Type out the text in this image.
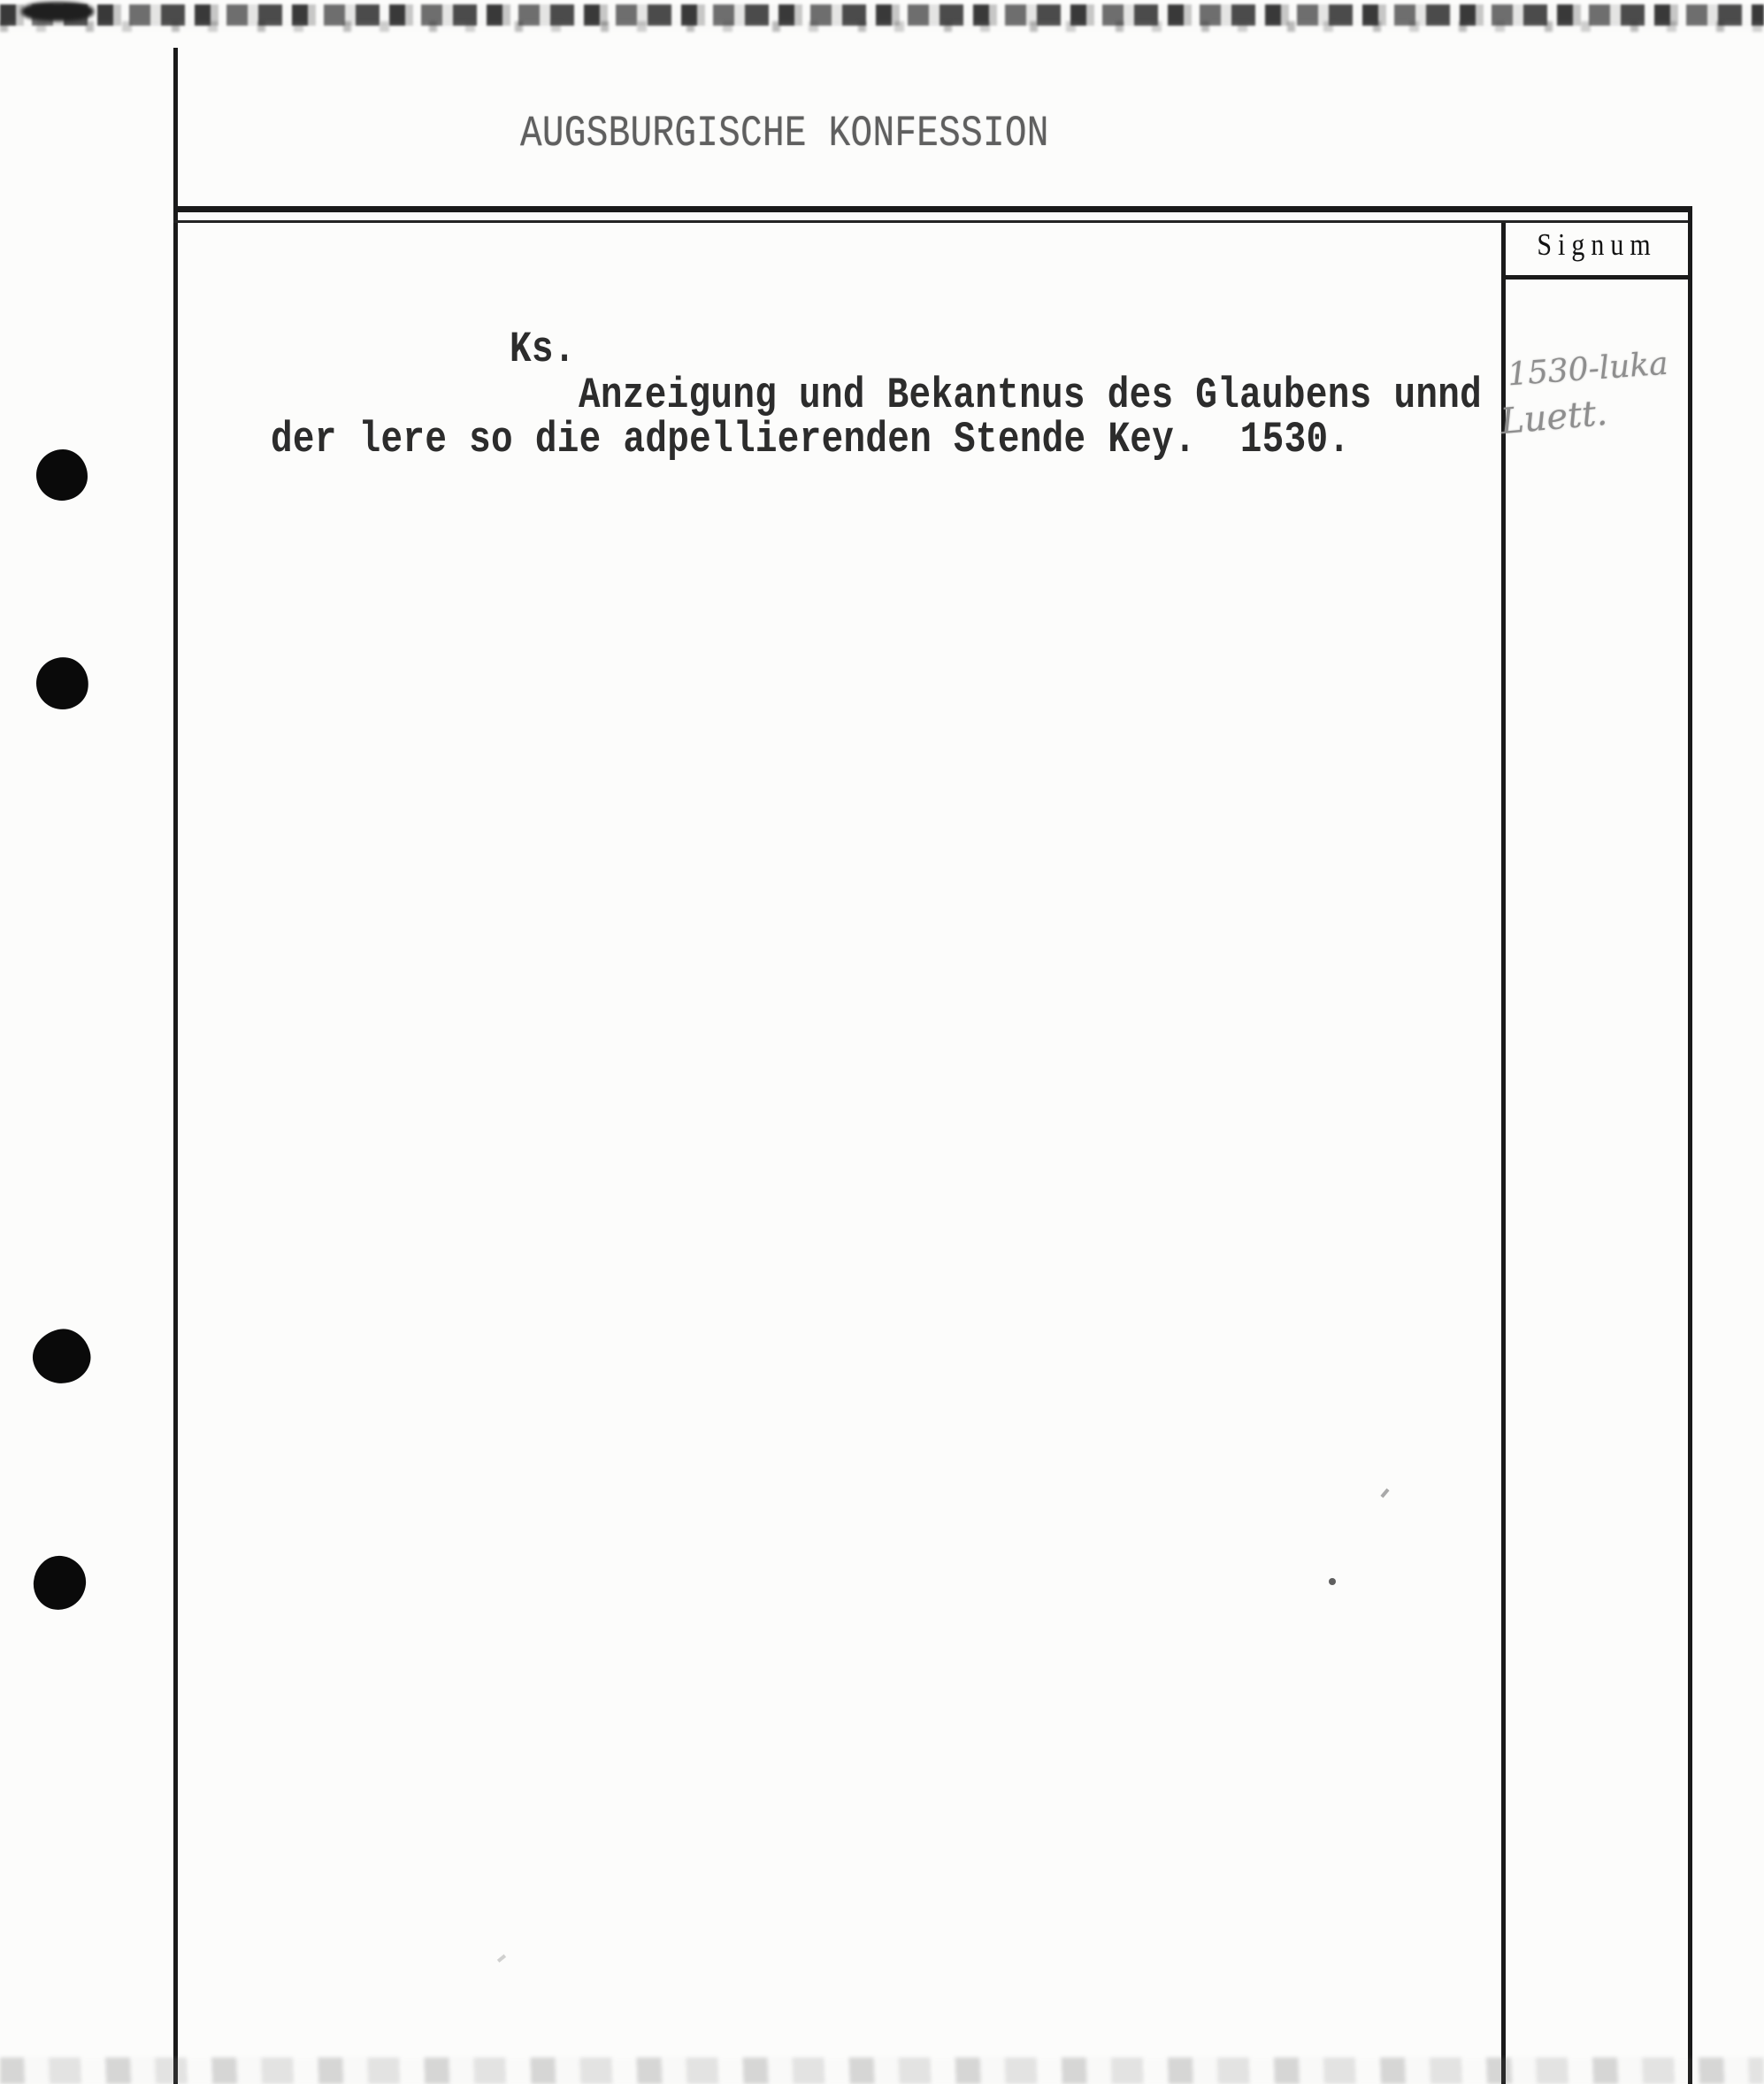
AUGSBURGISCHE KONFESSION
Ks.
Anzeigung und Bekantnus des Glaubens unnd
der lere so die adpellierenden Stende Key.  1530.
Signum
1530-luka
Luett.
